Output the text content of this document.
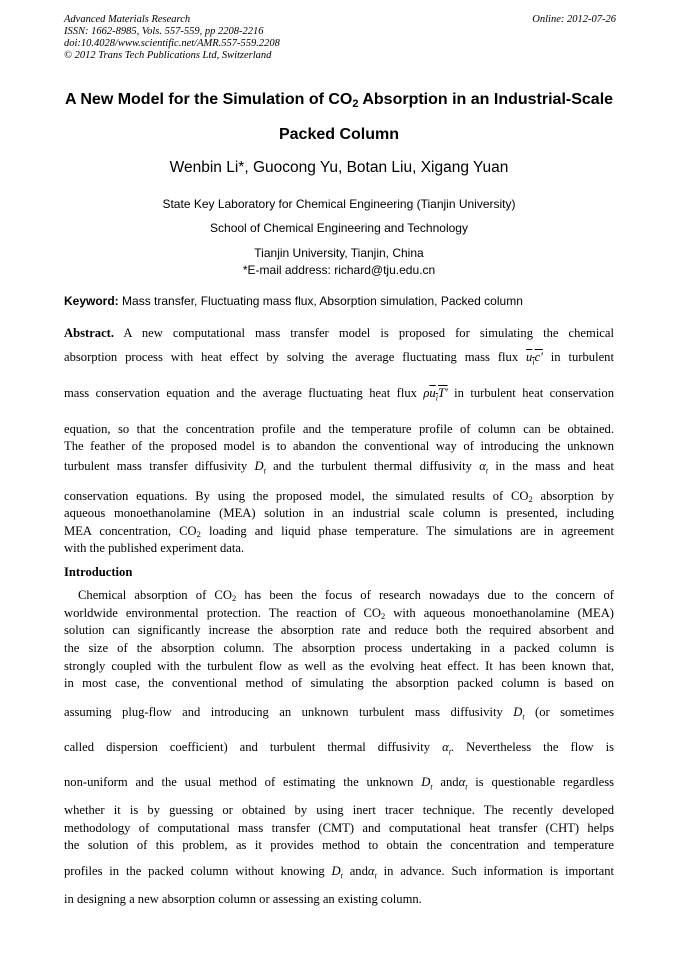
Advanced Materials Research
ISSN: 1662-8985, Vols. 557-559, pp 2208-2216
doi:10.4028/www.scientific.net/AMR.557-559.2208
© 2012 Trans Tech Publications Ltd, Switzerland
Online: 2012-07-26
A New Model for the Simulation of $CO_2$ Absorption in an Industrial-Scale
Packed Column
Wenbin Li*, Guocong Yu, Botan Liu, Xigang Yuan
State Key Laboratory for Chemical Engineering (Tianjin University)
School of Chemical Engineering and Technology
Tianjin University, Tianjin, China
*E-mail address: richard@tju.edu.cn
Keyword: Mass transfer, Fluctuating mass flux, Absorption simulation, Packed column
Abstract. A new computational mass transfer model is proposed for simulating the chemical
absorption process with heat effect by solving the average fluctuating mass flux $u_ic'$ in turbulent
mass conservation equation and the average fluctuating heat flux $\rho u_iT'$ in turbulent heat conservation
equation, so that the concentration profile and the temperature profile of column can be obtained.
The feather of the proposed model is to abandon the conventional way of introducing the unknown
turbulent mass transfer diffusivity $D_t$ and the turbulent thermal diffusivity $\alpha_t$ in the mass and heat
conservation equations. By using the proposed model, the simulated results of $CO_2$ absorption by
aqueous monoethanolamine (MEA) solution in an industrial scale column is presented, including
MEA concentration, $CO_2$ loading and liquid phase temperature. The simulations are in agreement
with the published experiment data.
Introduction
Chemical absorption of $CO_2$ has been the focus of research nowadays due to the concern of
worldwide environmental protection. The reaction of $CO_2$ with aqueous monoethanolamine (MEA)
solution can significantly increase the absorption rate and reduce both the required absorbent and
the size of the absorption column. The absorption process undertaking in a packed column is
strongly coupled with the turbulent flow as well as the evolving heat effect. It has been known that,
in most case, the conventional method of simulating the absorption packed column is based on
assuming plug-flow and introducing an unknown turbulent mass diffusivity $D_t$ (or sometimes
called dispersion coefficient) and turbulent thermal diffusivity $\alpha_t$. Nevertheless the flow is
non-uniform and the usual method of estimating the unknown $D_t$ andα$_t$ is questionable regardless
whether it is by guessing or obtained by using inert tracer technique. The recently developed
methodology of computational mass transfer (CMT) and computational heat transfer (CHT) helps
the solution of this problem, as it provides method to obtain the concentration and temperature
profiles in the packed column without knowing $D_t$ andα$_t$ in advance. Such information is important
in designing a new absorption column or assessing an existing column.
